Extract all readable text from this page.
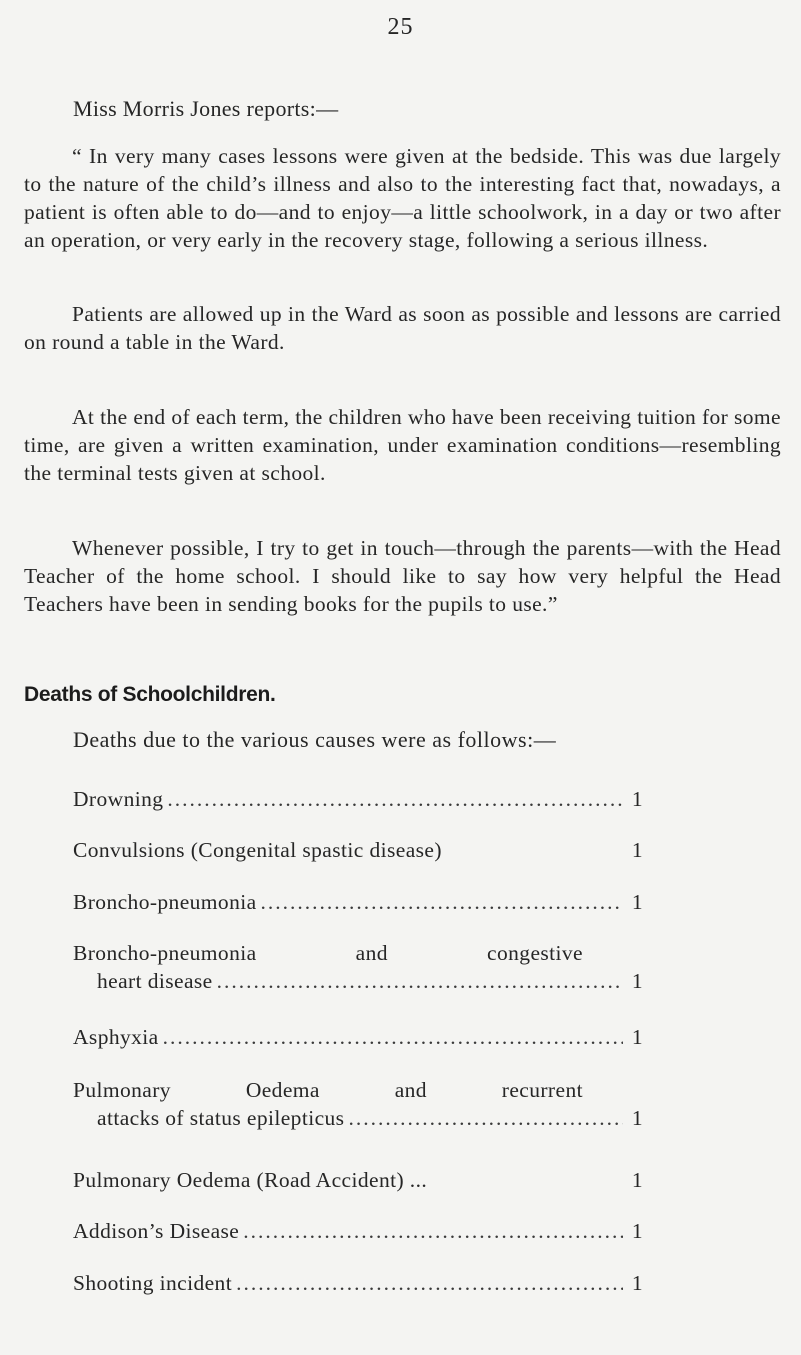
25
Miss Morris Jones reports:—

“ In very many cases lessons were given at the bedside. This was due largely to the nature of the child’s illness and also to the interesting fact that, nowadays, a patient is often able to do—and to enjoy—a little schoolwork, in a day or two after an operation, or very early in the recovery stage, following a serious illness.

Patients are allowed up in the Ward as soon as possible and lessons are carried on round a table in the Ward.

At the end of each term, the children who have been receiving tuition for some time, are given a written examination, under examination conditions—resembling the terminal tests given at school.

Whenever possible, I try to get in touch—through the parents—with the Head Teacher of the home school. I should like to say how very helpful the Head Teachers have been in sending books for the pupils to use.”

Deaths of Schoolchildren.
Deaths due to the various causes were as follows:—
Drowning .....	1
Convulsions (Congenital spastic disease)	1
Broncho-pneumonia .....	1
Broncho-pneumonia	and	congestive
heart disease .....	1
Asphyxia .....	1
Pulmonary	Oedema	and	recurrent
attacks of status epilepticus .....	1
Pulmonary Oedema (Road Accident) ...	1
Addison’s Disease .....	1
Shooting incident .....	1
